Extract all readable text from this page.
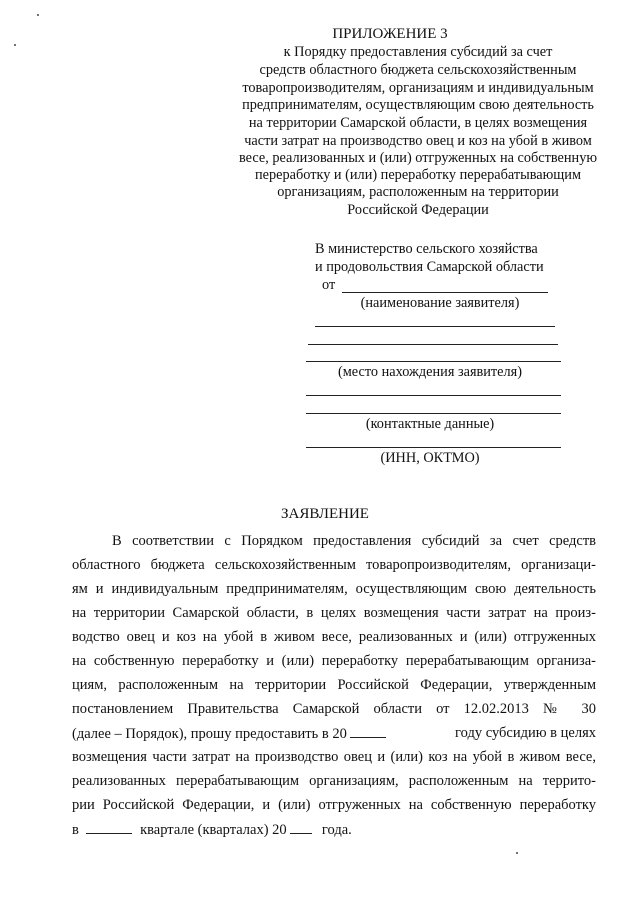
ПРИЛОЖЕНИЕ 3
к Порядку предоставления субсидий за счет
средств областного бюджета сельскохозяйственным
товаропроизводителям, организациям и индивидуальным
предпринимателям, осуществляющим свою деятельность
на территории Самарской области, в целях возмещения
части затрат на производство овец и коз на убой в живом
весе, реализованных и (или) отгруженных на собственную
переработку и (или) переработку перерабатывающим
организациям, расположенным на территории
Российской Федерации
В министерство сельского хозяйства
и продовольствия Самарской области
от
(наименование заявителя)
(место нахождения заявителя)
(контактные данные)
(ИНН, ОКТМО)
ЗАЯВЛЕНИЕ
В соответствии с Порядком предоставления субсидий за счет средств
областного бюджета сельскохозяйственным товаропроизводителям, организаци-
ям и индивидуальным предпринимателям, осуществляющим свою деятельность
на территории Самарской области, в целях возмещения части затрат на произ-
водство овец и коз на убой в живом весе, реализованных и (или) отгруженных
на собственную переработку и (или) переработку перерабатывающим организа-
циям, расположенным на территории Российской Федерации, утвержденным
постановлением Правительства Самарской области от 12.02.2013 № 30
(далее – Порядок), прошу предоставить в 20	году субсидию в целях
возмещения части затрат на производство овец и (или) коз на убой в живом весе,
реализованных перерабатывающим организациям, расположенным на террито-
рии Российской Федерации, и (или) отгруженных на собственную переработку
в	квартале (кварталах) 20 года.
